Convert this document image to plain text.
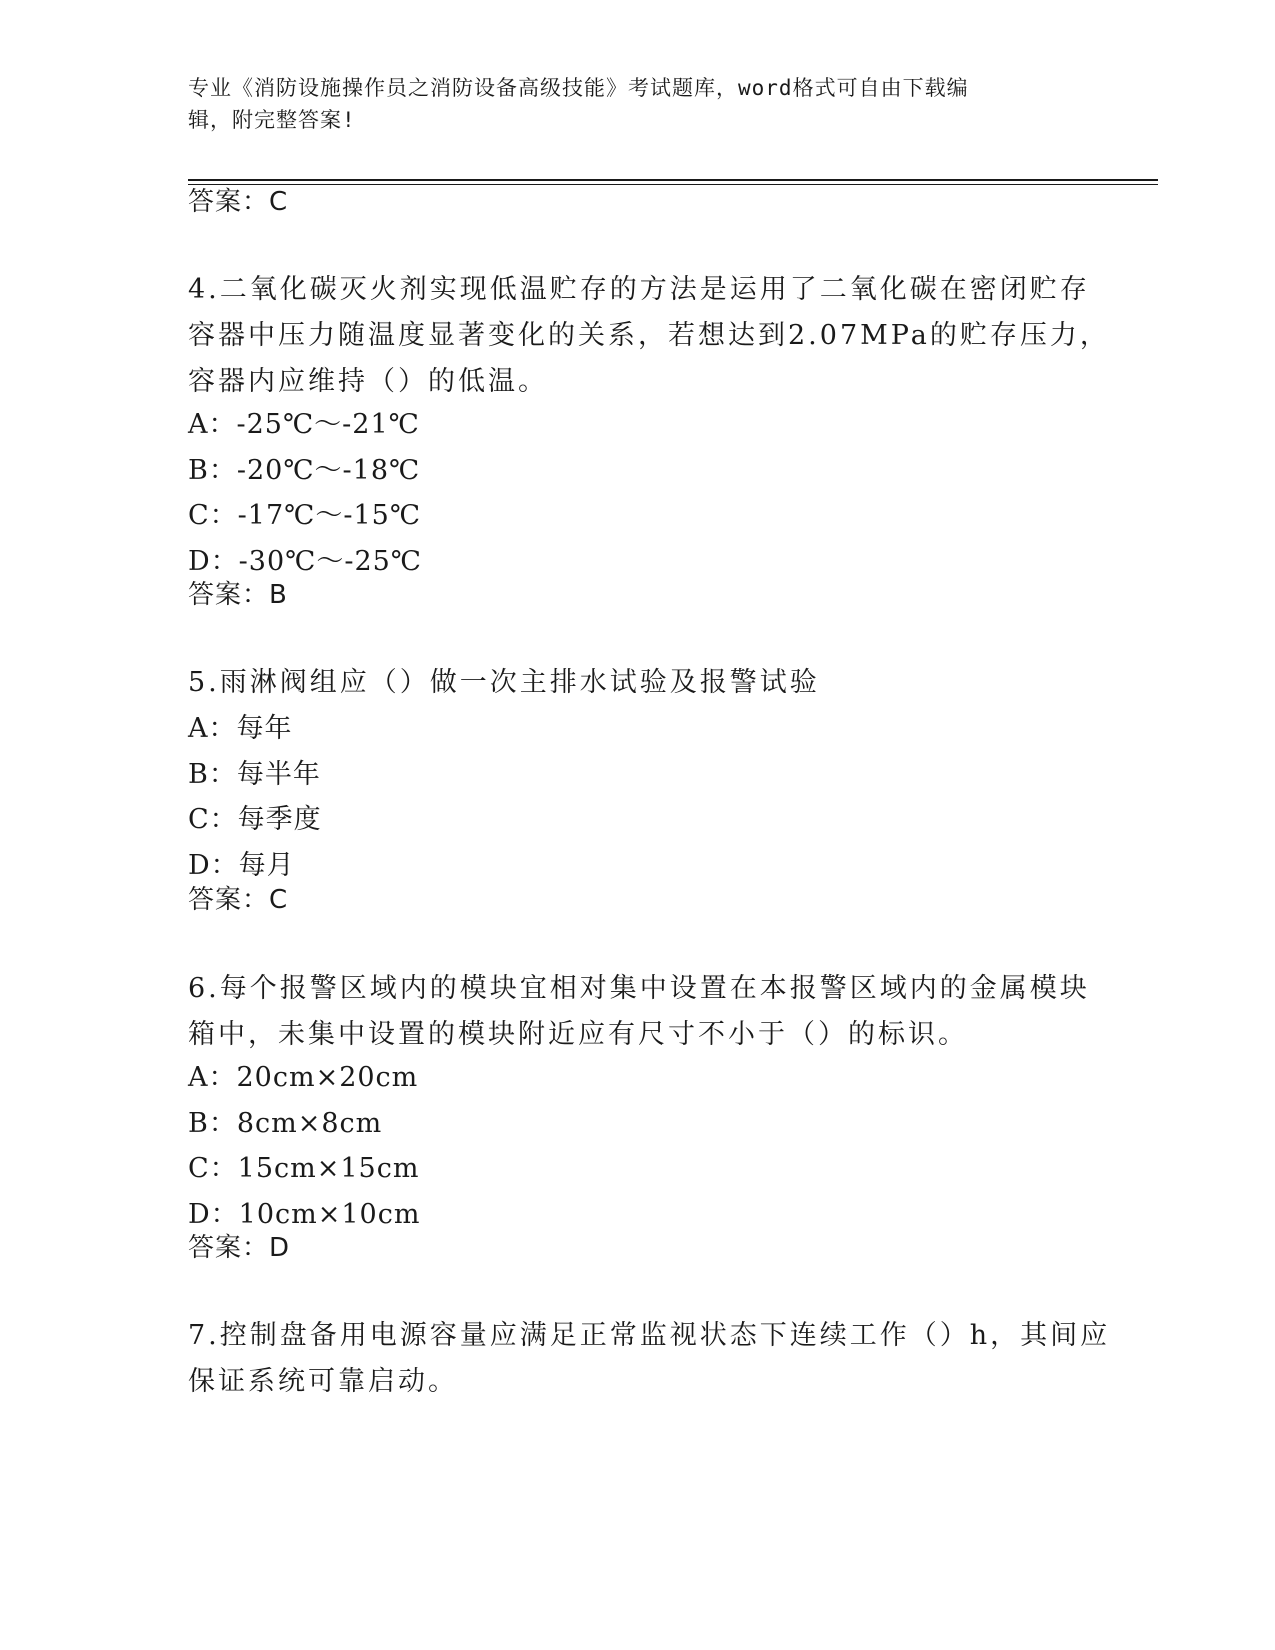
专业《消防设施操作员之消防设备高级技能》考试题库，word格式可自由下载编
辑，附完整答案!
答案：C
4.二氧化碳灭火剂实现低温贮存的方法是运用了二氧化碳在密闭贮存
容器中压力随温度显著变化的关系，若想达到2.07MPa的贮存压力，
容器内应维持（）的低温。
A：-25℃～-21℃
B：-20℃～-18℃
C：-17℃～-15℃
D：-30℃～-25℃
答案：B
5.雨淋阀组应（）做一次主排水试验及报警试验
A：每年
B：每半年
C：每季度
D：每月
答案：C
6.每个报警区域内的模块宜相对集中设置在本报警区域内的金属模块
箱中，未集中设置的模块附近应有尺寸不小于（）的标识。
A：20cm×20cm
B：8cm×8cm
C：15cm×15cm
D：10cm×10cm
答案：D
7.控制盘备用电源容量应满足正常监视状态下连续工作（）h，其间应
保证系统可靠启动。
